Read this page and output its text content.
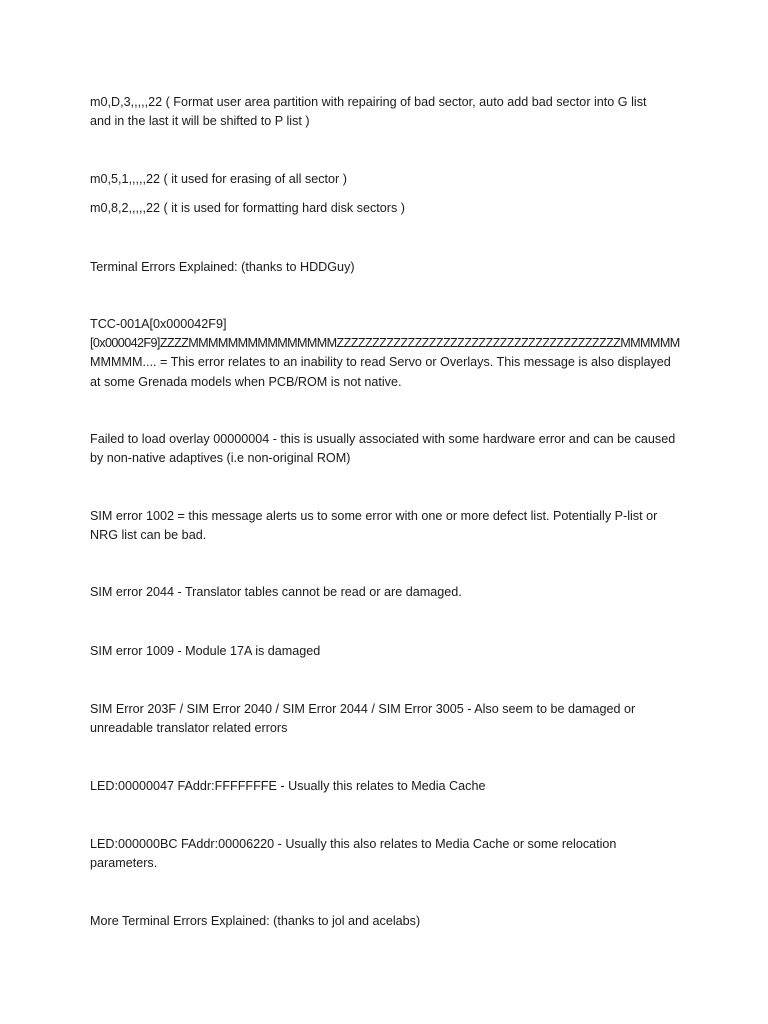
m0,D,3,,,,,22 ( Format user area partition with repairing of bad sector, auto add bad sector into G list
and in the last it will be shifted to P list )

m0,5,1,,,,,22 ( it used for erasing of all sector )

m0,8,2,,,,,22 ( it is used for formatting hard disk sectors )

Terminal Errors Explained: (thanks to HDDGuy)

TCC-001A[0x000042F9]
[0x000042F9]ZZZZMMMMMMMMMMMMMMMZZZZZZZZZZZZZZZZZZZZZZZZZZZZZZZZZZZZZZZZMMMMMM
MMMMM.... = This error relates to an inability to read Servo or Overlays. This message is also displayed
at some Grenada models when PCB/ROM is not native.

Failed to load overlay 00000004 - this is usually associated with some hardware error and can be caused
by non-native adaptives (i.e non-original ROM)

SIM error 1002 = this message alerts us to some error with one or more defect list. Potentially P-list or
NRG list can be bad.

SIM error 2044 - Translator tables cannot be read or are damaged.

SIM error 1009 - Module 17A is damaged

SIM Error 203F / SIM Error 2040 / SIM Error 2044 / SIM Error 3005 - Also seem to be damaged or
unreadable translator related errors

LED:00000047 FAddr:FFFFFFFE - Usually this relates to Media Cache

LED:000000BC FAddr:00006220 - Usually this also relates to Media Cache or some relocation
parameters.

More Terminal Errors Explained: (thanks to jol and acelabs)
